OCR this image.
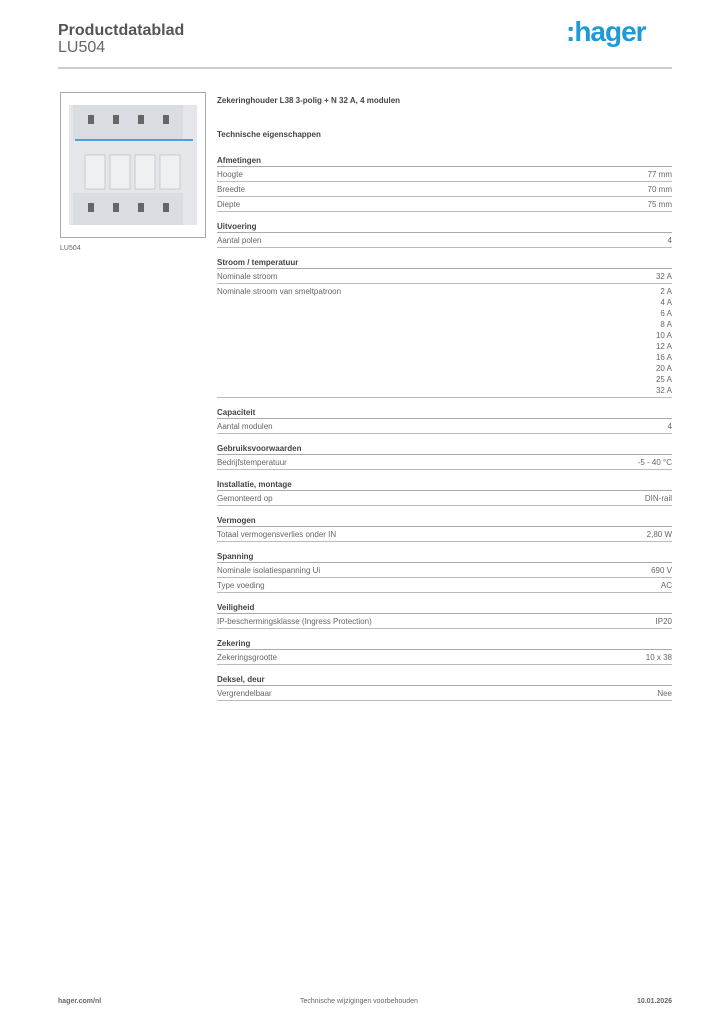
Productdatablad
LU504
:hager
LU504
Zekeringhouder L38 3-polig + N 32 A, 4 modulen
Technische eigenschappen
Afmetingen
Hoogte	77 mm
Breedte	70 mm
Diepte	75 mm
Uitvoering
Aantal polen	4
Stroom / temperatuur
Nominale stroom	32 A
Nominale stroom van smeltpatroon	2 A
4 A
6 A
8 A
10 A
12 A
16 A
20 A
25 A
32 A
Capaciteit
Aantal modulen	4
Gebruiksvoorwaarden
Bedrijfstemperatuur	-5 - 40 °C
Installatie, montage
Gemonteerd op	DIN-rail
Vermogen
Totaal vermogensverlies onder IN	2,80 W
Spanning
Nominale isolatiespanning Ui	690 V
Type voeding	AC
Veiligheid
IP-beschermingsklasse (Ingress Protection)	IP20
Zekering
Zekeringsgrootte	10 x 38
Deksel, deur
Vergrendelbaar	Nee
hager.com/nl	Technische wijzigingen voorbehouden	10.01.2026
